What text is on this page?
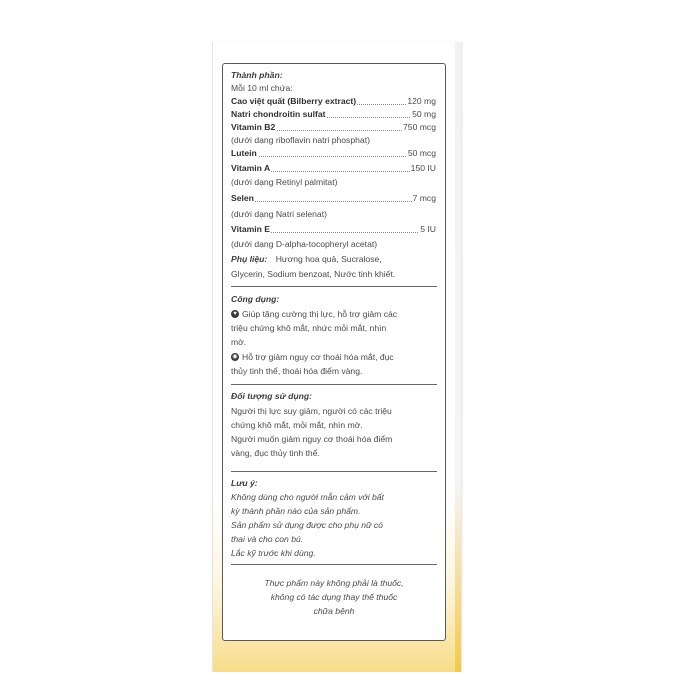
Thành phần:
Mỗi 10 ml chứa:
Cao việt quất (Bilberry extract)	120 mg
Natri chondroitin sulfat	50 mg
Vitamin B2	750 mcg
(dưới dạng riboflavin natri phosphat)
Lutein	50 mcg
Vitamin A	150 IU
(dưới dạng Retinyl palmitat)
Selen	7 mcg
(dưới dạng Natri selenat)
Vitamin E	5 IU
(dưới dạng D-alpha-tocopheryl acetat)
Phụ liệu: Hương hoa quả, Sucralose,
Glycerin, Sodium benzoat, Nước tinh khiết.
Công dụng:
♥ Giúp tăng cường thị lực, hỗ trợ giảm các
triệu chứng khô mắt, nhức mỏi mắt, nhìn
mờ.
◉ Hỗ trợ giảm nguy cơ thoái hóa mắt, đục
thủy tinh thể, thoái hóa điểm vàng.
Đối tượng sử dụng:
Người thị lực suy giảm, người có các triệu
chứng khô mắt, mỏi mắt, nhìn mờ.
Người muốn giảm nguy cơ thoái hóa điểm
vàng, đục thủy tinh thể.
Lưu ý:
Không dùng cho người mẫn cảm với bất
kỳ thành phần nào của sản phẩm.
Sản phẩm sử dụng được cho phụ nữ có
thai và cho con bú.
Lắc kỹ trước khi dùng.
Thực phẩm này không phải là thuốc,
không có tác dụng thay thế thuốc
chữa bệnh
